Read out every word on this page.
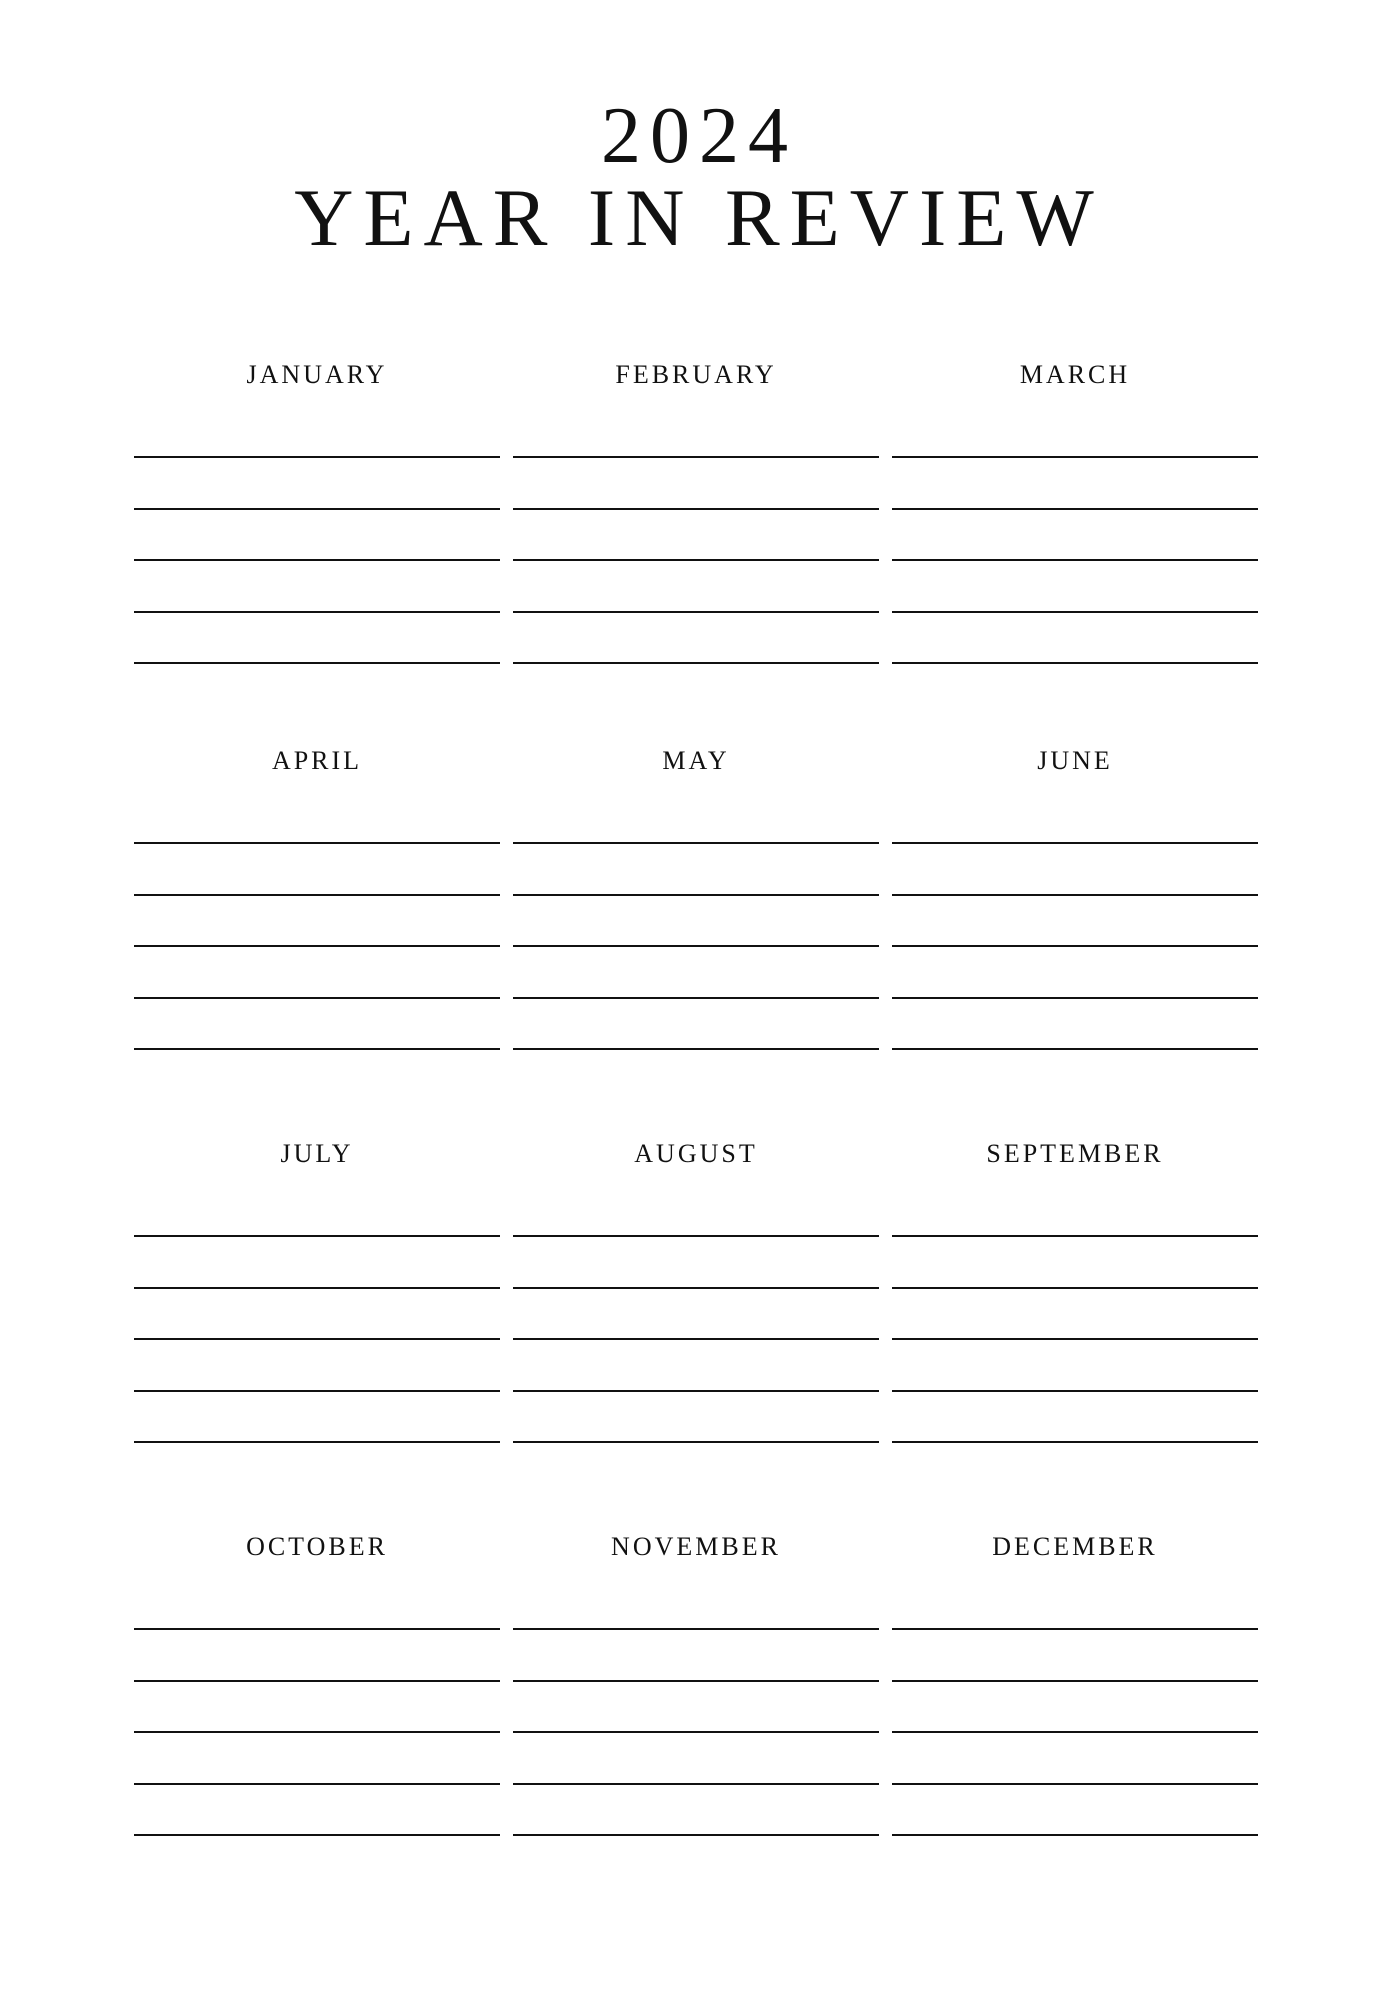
2024
YEAR IN REVIEW
JANUARY	FEBRUARY	MARCH
APRIL	MAY	JUNE
JULY	AUGUST	SEPTEMBER
OCTOBER	NOVEMBER	DECEMBER
